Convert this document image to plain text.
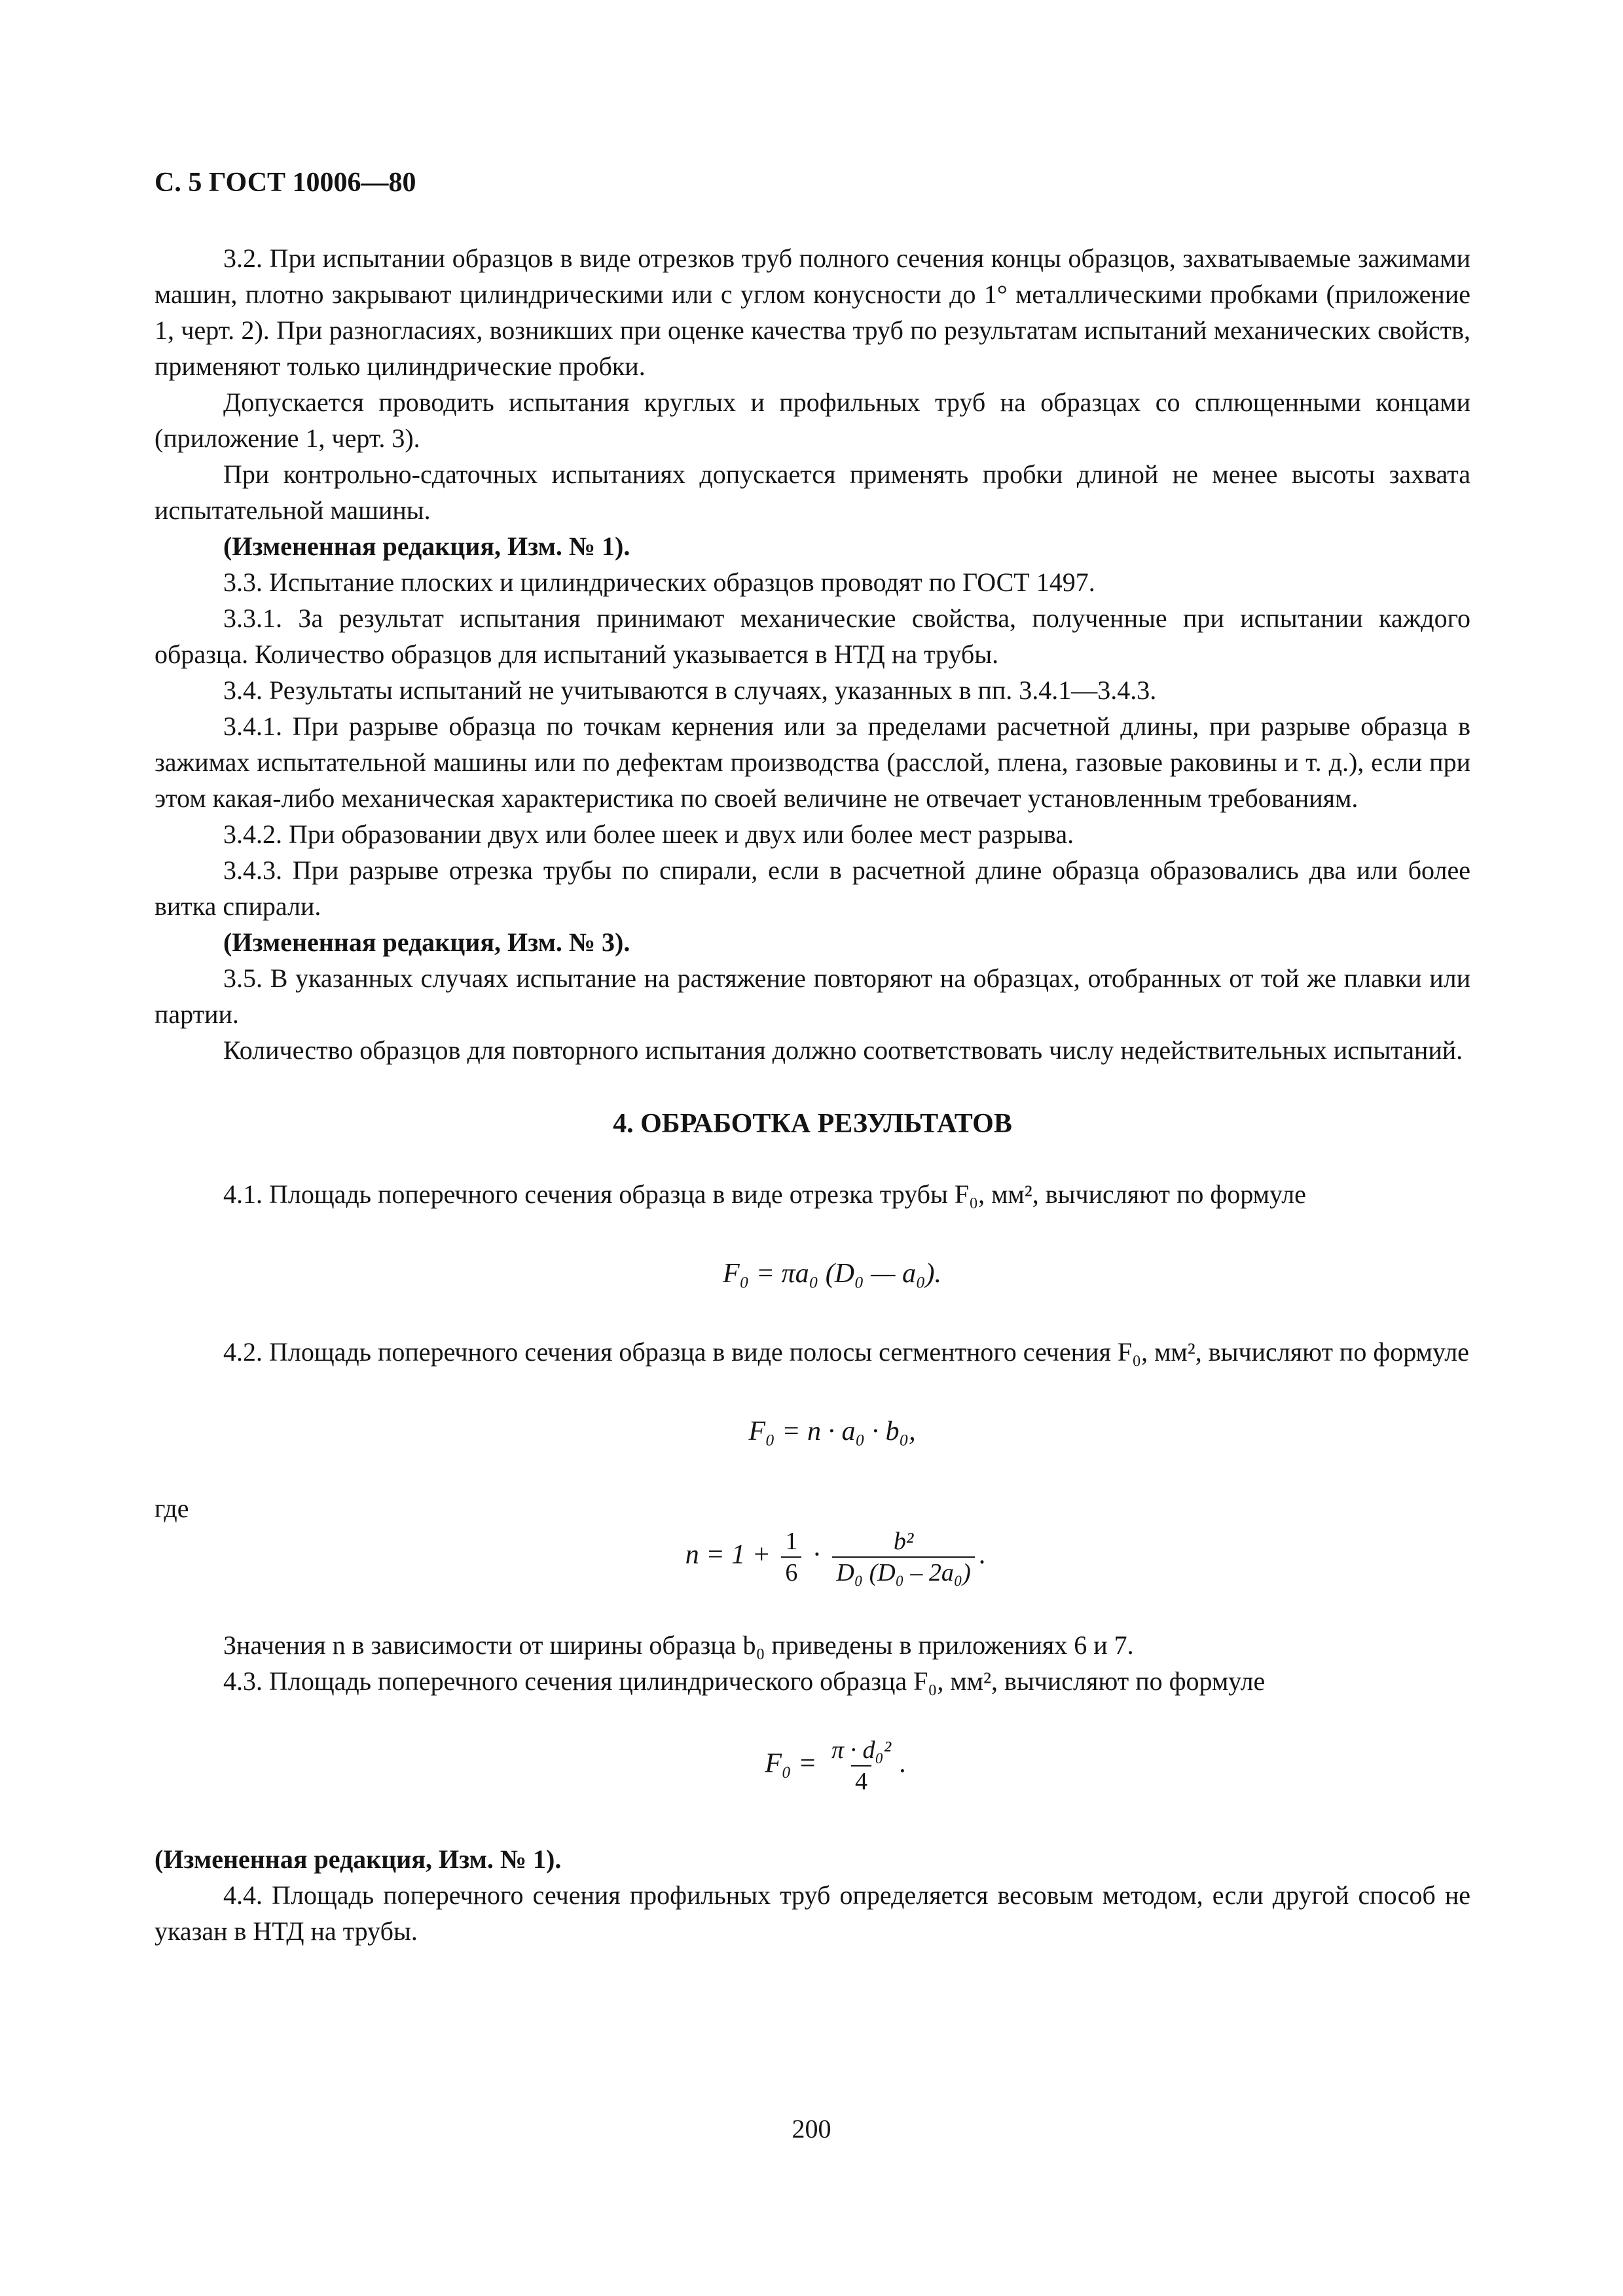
С. 5 ГОСТ 10006—80

3.2. При испытании образцов в виде отрезков труб полного сечения концы образцов, захватываемые зажимами машин, плотно закрывают цилиндрическими или с углом конусности до 1° металлическими пробками (приложение 1, черт. 2). При разногласиях, возникших при оценке качества труб по результатам испытаний механических свойств, применяют только цилиндрические пробки.

Допускается проводить испытания круглых и профильных труб на образцах со сплющенными концами (приложение 1, черт. 3).

При контрольно-сдаточных испытаниях допускается применять пробки длиной не менее высоты захвата испытательной машины.

(Измененная редакция, Изм. № 1).

3.3. Испытание плоских и цилиндрических образцов проводят по ГОСТ 1497.

3.3.1. За результат испытания принимают механические свойства, полученные при испытании каждого образца. Количество образцов для испытаний указывается в НТД на трубы.

3.4. Результаты испытаний не учитываются в случаях, указанных в пп. 3.4.1—3.4.3.

3.4.1. При разрыве образца по точкам кернения или за пределами расчетной длины, при разрыве образца в зажимах испытательной машины или по дефектам производства (расслой, плена, газовые раковины и т. д.), если при этом какая-либо механическая характеристика по своей величине не отвечает установленным требованиям.

3.4.2. При образовании двух или более шеек и двух или более мест разрыва.

3.4.3. При разрыве отрезка трубы по спирали, если в расчетной длине образца образовались два или более витка спирали.

(Измененная редакция, Изм. № 3).

3.5. В указанных случаях испытание на растяжение повторяют на образцах, отобранных от той же плавки или партии.

Количество образцов для повторного испытания должно соответствовать числу недействительных испытаний.

4. ОБРАБОТКА РЕЗУЛЬТАТОВ

4.1. Площадь поперечного сечения образца в виде отрезка трубы F₀, мм², вычисляют по формуле

F₀ = πa₀ (D₀ — a₀).

4.2. Площадь поперечного сечения образца в виде полосы сегментного сечения F₀, мм², вычисляют по формуле

F₀ = n · a₀ · b₀,

где

$n = 1 + \frac{1}{6} \cdot \frac{\text{b²}}{\text{D₀ (D₀ – 2a₀)}}$ .

Значения n в зависимости от ширины образца b₀ приведены в приложениях 6 и 7.

4.3. Площадь поперечного сечения цилиндрического образца F₀, мм², вычисляют по формуле

$F_0 = \frac{\text{π · d₀²}}{4}$ .

(Измененная редакция, Изм. № 1).

4.4. Площадь поперечного сечения профильных труб определяется весовым методом, если другой способ не указан в НТД на трубы.

200
